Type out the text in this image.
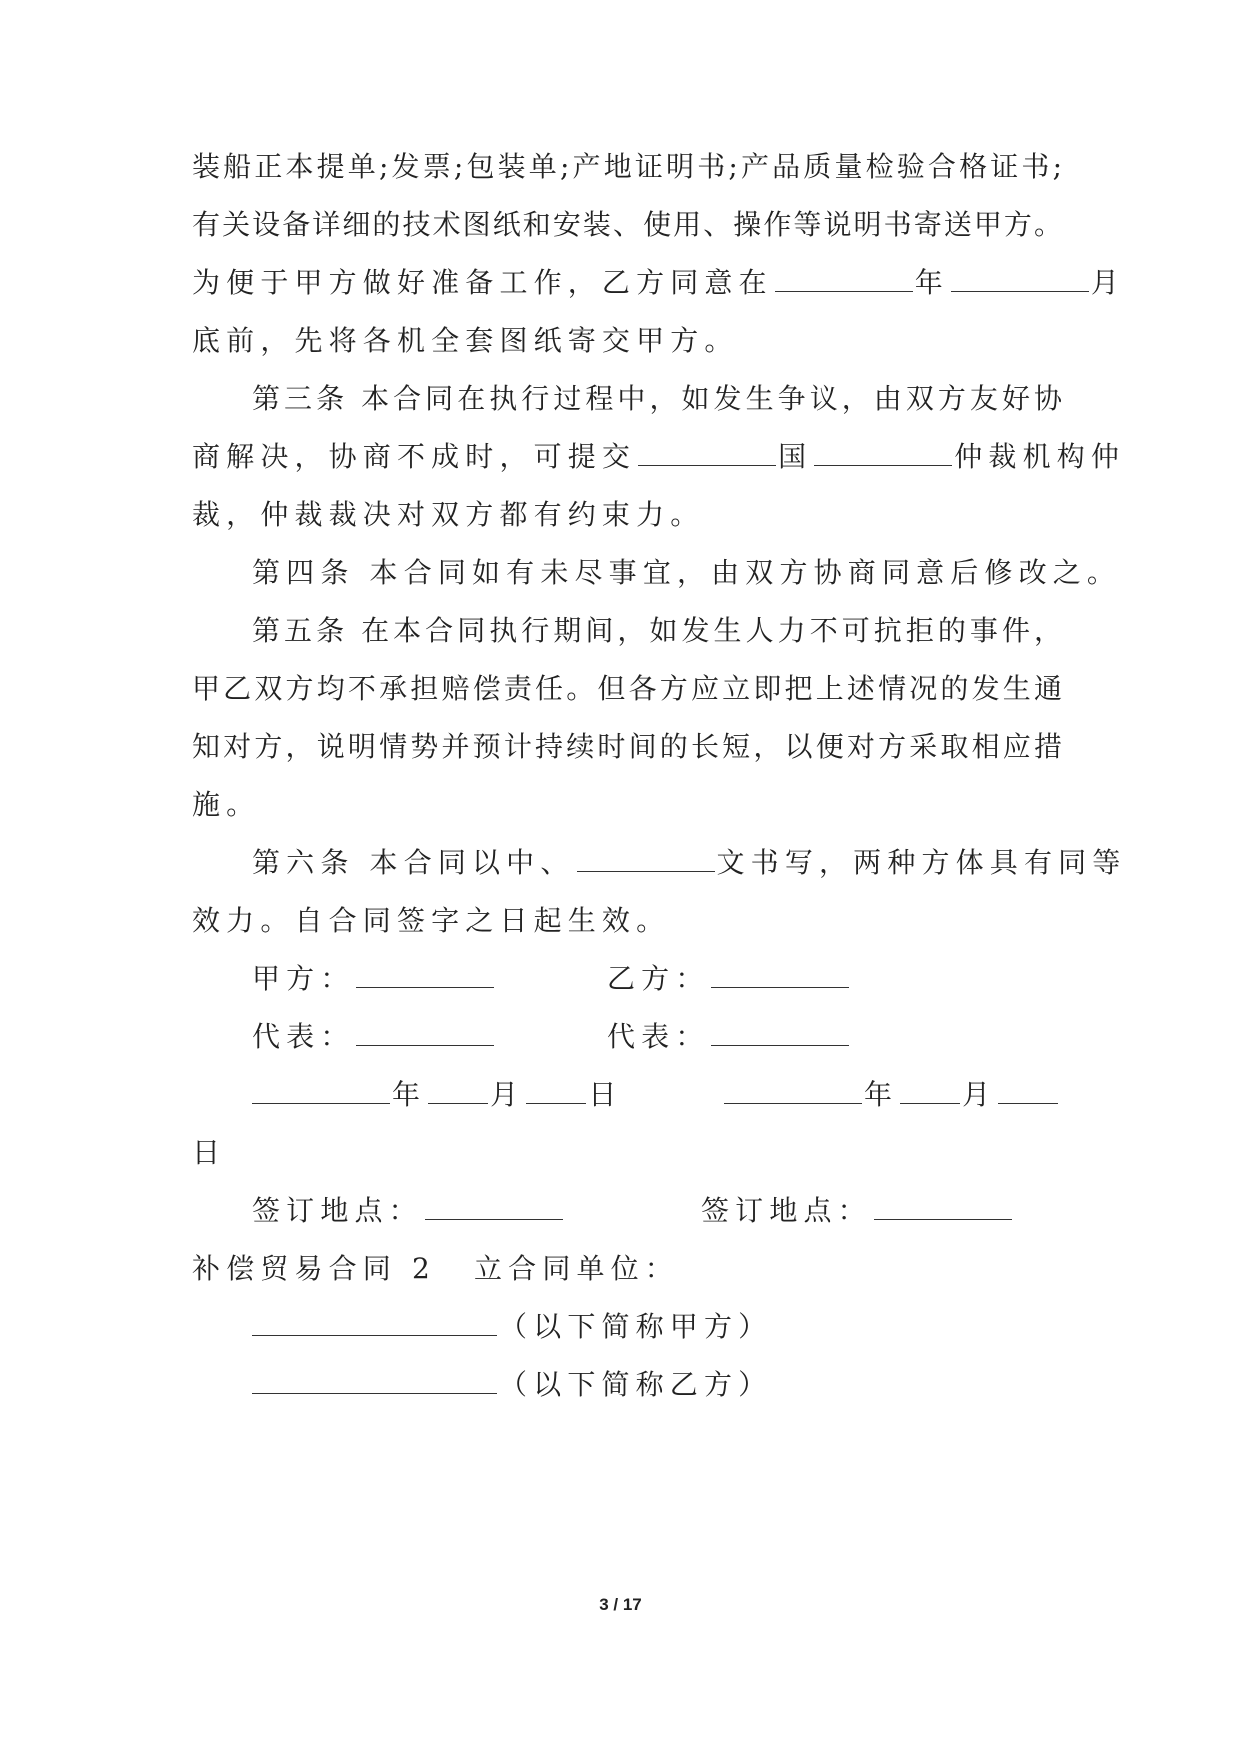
装船正本提单;发票;包装单;产地证明书;产品质量检验合格证书;
有关设备详细的技术图纸和安装、使用、操作等说明书寄送甲方。
为便于甲方做好准备工作，乙方同意在	年	月
底前，先将各机全套图纸寄交甲方。
第三条 本合同在执行过程中，如发生争议，由双方友好协
商解决，协商不成时，可提交	国	仲裁机构仲
裁，仲裁裁决对双方都有约束力。
第四条 本合同如有未尽事宜，由双方协商同意后修改之。
第五条 在本合同执行期间，如发生人力不可抗拒的事件，
甲乙双方均不承担赔偿责任。但各方应立即把上述情况的发生通
知对方，说明情势并预计持续时间的长短，以便对方采取相应措
施。
第六条 本合同以中、	文书写，两种方体具有同等
效力。自合同签字之日起生效。
甲方：	乙方：
代表：	代表：
年 月 日	年 月
日
签订地点：	签订地点：
补偿贸易合同 2 立合同单位：
（以下简称甲方）
（以下简称乙方）
3 / 17
